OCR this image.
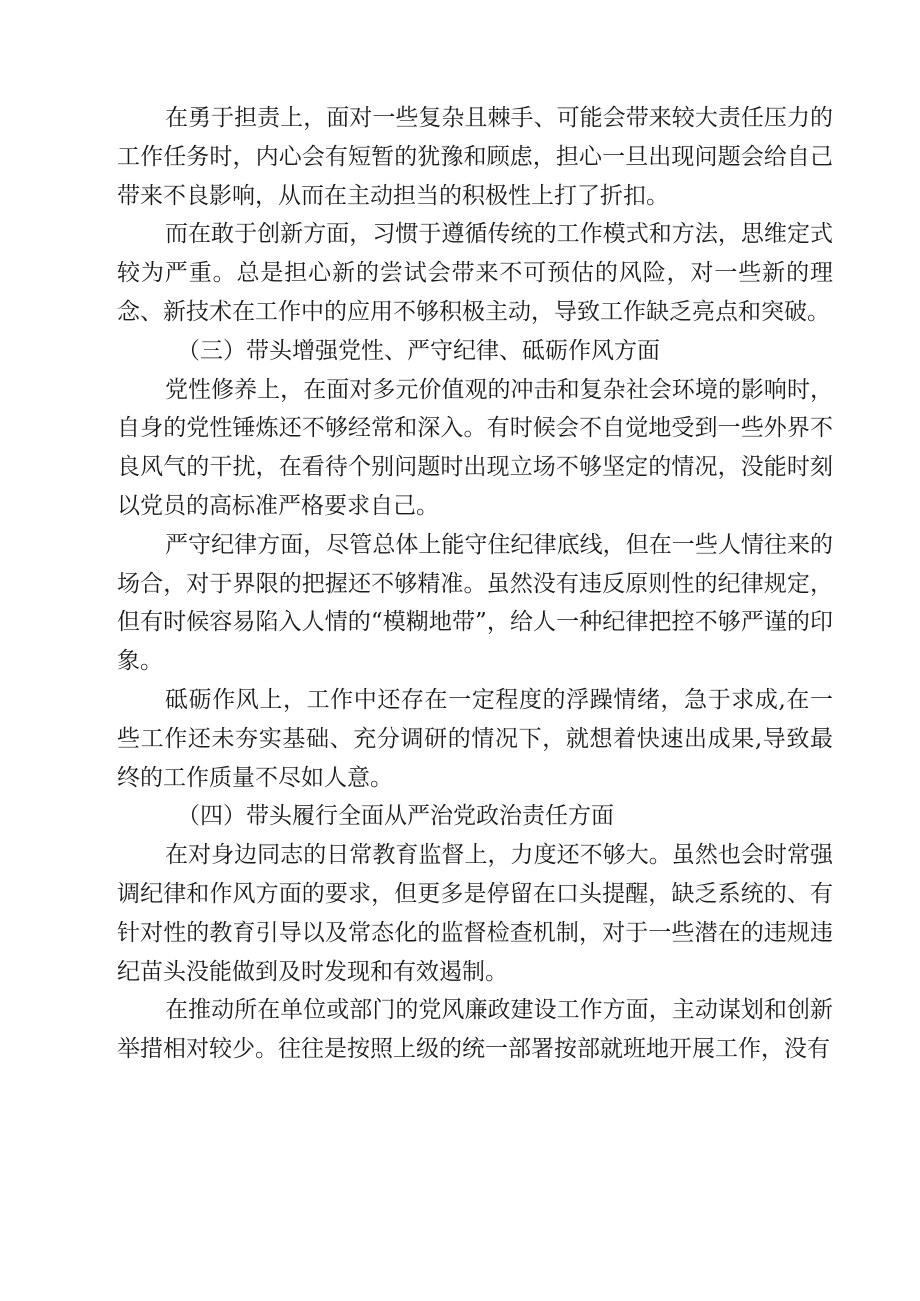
在勇于担责上，面对一些复杂且棘手、可能会带来较大责任压力的工作任务时，内心会有短暂的犹豫和顾虑，担心一旦出现问题会给自己带来不良影响，从而在主动担当的积极性上打了折扣。

而在敢于创新方面，习惯于遵循传统的工作模式和方法，思维定式较为严重。总是担心新的尝试会带来不可预估的风险，对一些新的理念、新技术在工作中的应用不够积极主动，导致工作缺乏亮点和突破。

（三）带头增强党性、严守纪律、砥砺作风方面

党性修养上，在面对多元价值观的冲击和复杂社会环境的影响时，自身的党性锤炼还不够经常和深入。有时候会不自觉地受到一些外界不良风气的干扰，在看待个别问题时出现立场不够坚定的情况，没能时刻以党员的高标准严格要求自己。

严守纪律方面，尽管总体上能守住纪律底线，但在一些人情往来的场合，对于界限的把握还不够精准。虽然没有违反原则性的纪律规定，但有时候容易陷入人情的“模糊地带”，给人一种纪律把控不够严谨的印象。

砥砺作风上，工作中还存在一定程度的浮躁情绪，急于求成,在一些工作还未夯实基础、充分调研的情况下，就想着快速出成果,导致最终的工作质量不尽如人意。

（四）带头履行全面从严治党政治责任方面

在对身边同志的日常教育监督上，力度还不够大。虽然也会时常强调纪律和作风方面的要求，但更多是停留在口头提醒，缺乏系统的、有针对性的教育引导以及常态化的监督检查机制，对于一些潜在的违规违纪苗头没能做到及时发现和有效遏制。

在推动所在单位或部门的党风廉政建设工作方面，主动谋划和创新举措相对较少。往往是按照上级的统一部署按部就班地开展工作，没有
